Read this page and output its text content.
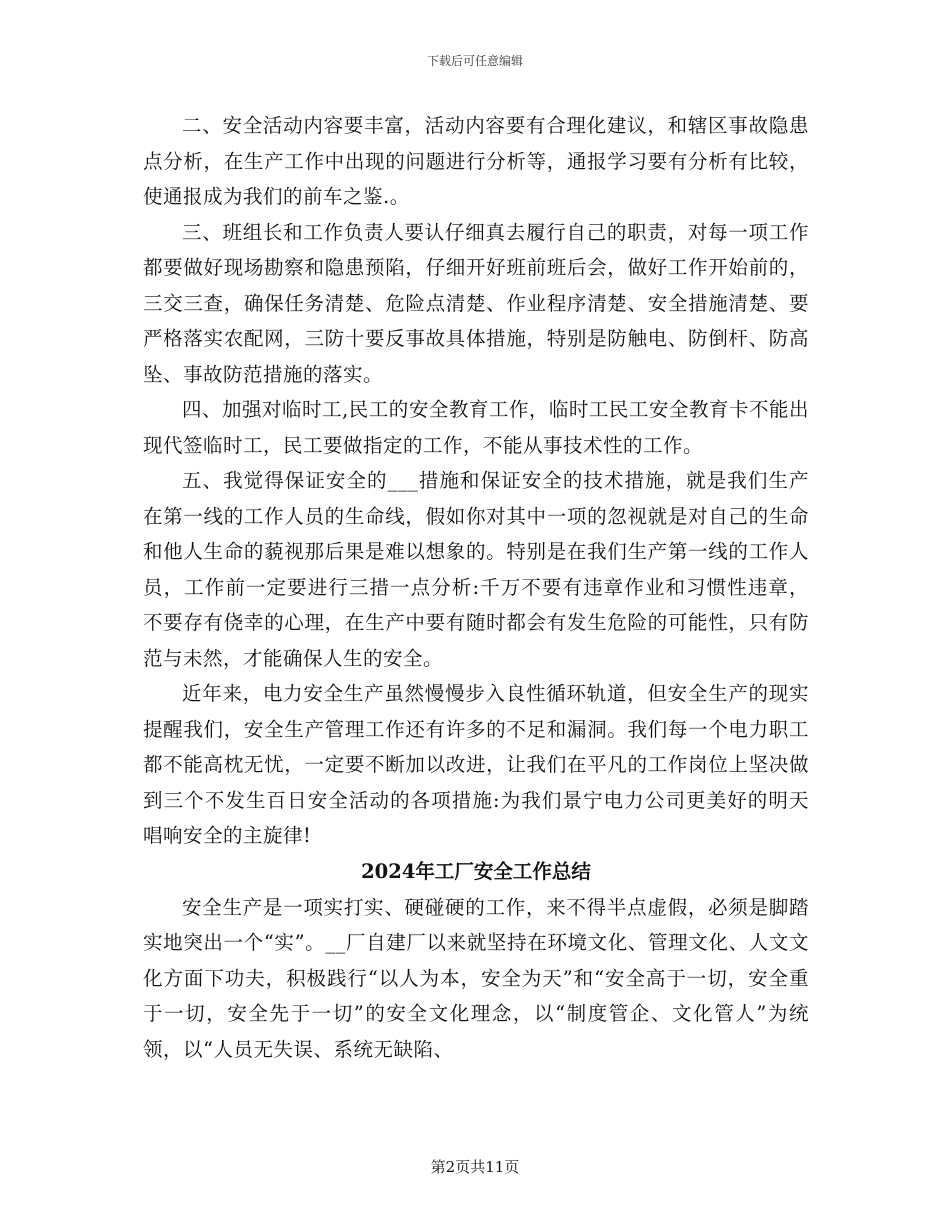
下载后可任意编辑

二、安全活动内容要丰富，活动内容要有合理化建议，和辖区事故隐患点分析，在生产工作中出现的问题进行分析等，通报学习要有分析有比较，使通报成为我们的前车之鉴.。

三、班组长和工作负责人要认仔细真去履行自己的职责，对每一项工作都要做好现场勘察和隐患预陷，仔细开好班前班后会，做好工作开始前的，三交三查，确保任务清楚、危险点清楚、作业程序清楚、安全措施清楚、要严格落实农配网，三防十要反事故具体措施，特别是防触电、防倒杆、防高坠、事故防范措施的落实。

四、加强对临时工,民工的安全教育工作，临时工民工安全教育卡不能出现代签临时工，民工要做指定的工作，不能从事技术性的工作。

五、我觉得保证安全的___措施和保证安全的技术措施，就是我们生产在第一线的工作人员的生命线，假如你对其中一项的忽视就是对自己的生命和他人生命的藐视那后果是难以想象的。特别是在我们生产第一线的工作人员，工作前一定要进行三措一点分析:千万不要有违章作业和习惯性违章，不要存有侥幸的心理，在生产中要有随时都会有发生危险的可能性，只有防范与未然，才能确保人生的安全。

近年来，电力安全生产虽然慢慢步入良性循环轨道，但安全生产的现实提醒我们，安全生产管理工作还有许多的不足和漏洞。我们每一个电力职工都不能高枕无忧，一定要不断加以改进，让我们在平凡的工作岗位上坚决做到三个不发生百日安全活动的各项措施:为我们景宁电力公司更美好的明天唱响安全的主旋律!

2024年工厂安全工作总结

安全生产是一项实打实、硬碰硬的工作，来不得半点虚假，必须是脚踏实地突出一个“实”。__厂自建厂以来就坚持在环境文化、管理文化、人文文化方面下功夫，积极践行“以人为本，安全为天”和“安全高于一切，安全重于一切，安全先于一切”的安全文化理念，以“制度管企、文化管人”为统领，以“人员无失误、系统无缺陷、

第2页共11页
